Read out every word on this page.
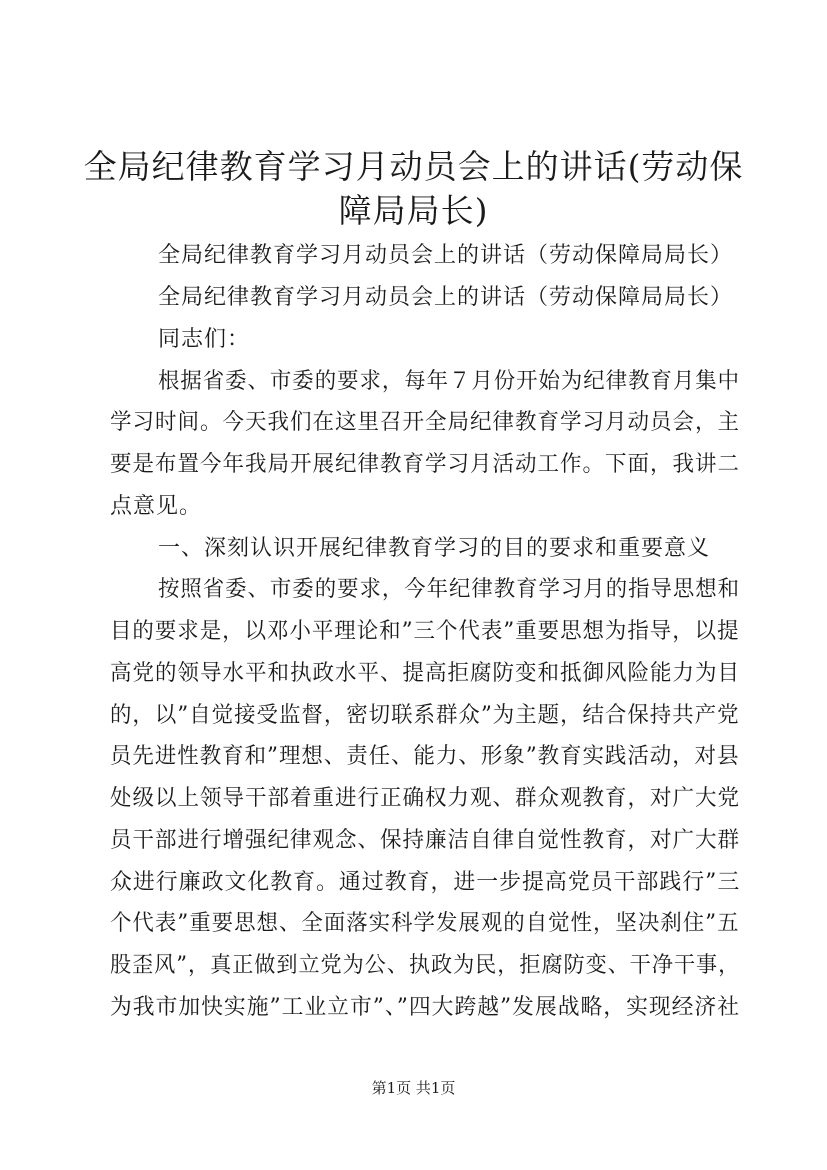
全局纪律教育学习月动员会上的讲话(劳动保
障局局长)
全局纪律教育学习月动员会上的讲话（劳动保障局局长）
全局纪律教育学习月动员会上的讲话（劳动保障局局长）
同志们：
根据省委、市委的要求，每年７月份开始为纪律教育月集中
学习时间。今天我们在这里召开全局纪律教育学习月动员会，主
要是布置今年我局开展纪律教育学习月活动工作。下面，我讲二
点意见。
一、深刻认识开展纪律教育学习的目的要求和重要意义
按照省委、市委的要求，今年纪律教育学习月的指导思想和
目的要求是，以邓小平理论和”三个代表”重要思想为指导，以提
高党的领导水平和执政水平、提高拒腐防变和抵御风险能力为目
的，以”自觉接受监督，密切联系群众”为主题，结合保持共产党
员先进性教育和”理想、责任、能力、形象”教育实践活动，对县
处级以上领导干部着重进行正确权力观、群众观教育，对广大党
员干部进行增强纪律观念、保持廉洁自律自觉性教育，对广大群
众进行廉政文化教育。通过教育，进一步提高党员干部践行”三
个代表”重要思想、全面落实科学发展观的自觉性，坚决刹住”五
股歪风”，真正做到立党为公、执政为民，拒腐防变、干净干事，
为我市加快实施”工业立市”、”四大跨越”发展战略，实现经济社
第1页 共1页
